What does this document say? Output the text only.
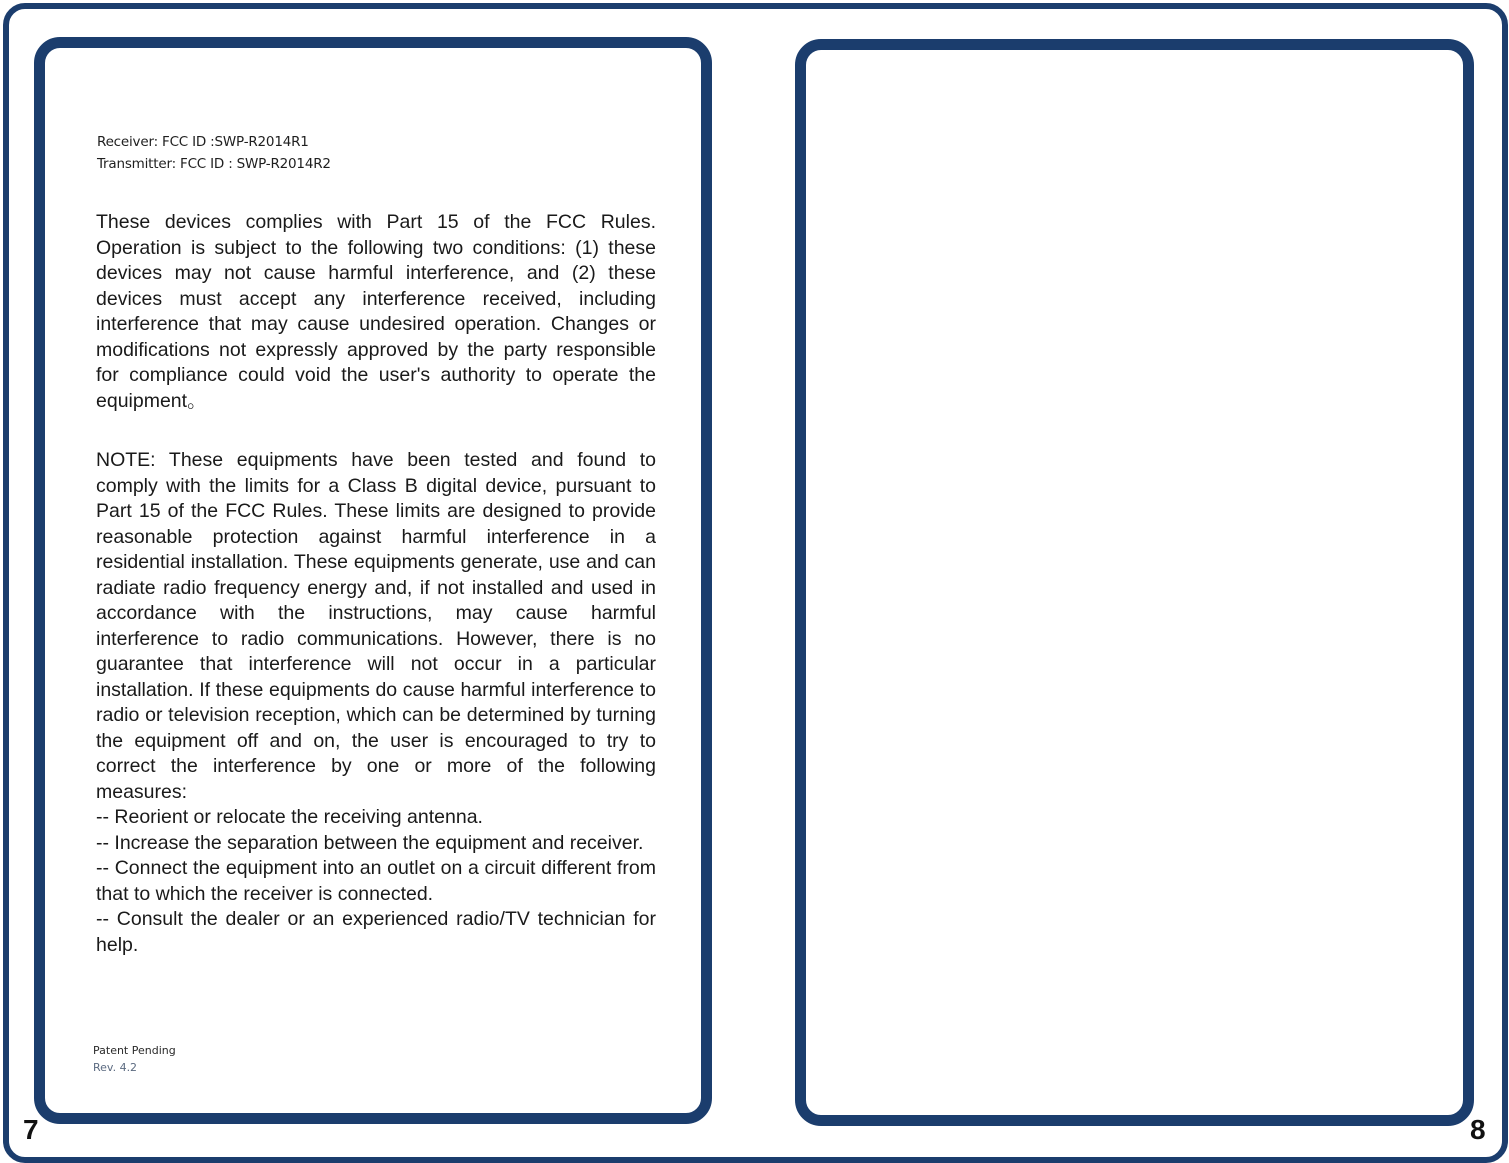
Receiver: FCC ID :SWP-R2014R1
Transmitter: FCC ID : SWP-R2014R2

These devices complies with Part 15 of the FCC Rules. Operation is subject to the following two conditions: (1) these devices may not cause harmful interference, and (2) these devices must accept any interference received, including interference that may cause undesired operation. Changes or modifications not expressly approved by the party responsible for compliance could void the user's authority to operate the equipment。

NOTE: These equipments have been tested and found to comply with the limits for a Class B digital device, pursuant to Part 15 of the FCC Rules. These limits are designed to provide reasonable protection against harmful interference in a residential installation. These equipments generate, use and can radiate radio frequency energy and, if not installed and used in accordance with the instructions, may cause harmful interference to radio communications. However, there is no guarantee that interference will not occur in a particular installation. If these equipments do cause harmful interference to radio or television reception, which can be determined by turning the equipment off and on, the user is encouraged to try to correct the interference by one or more of the following measures:

-- Reorient or relocate the receiving antenna.
-- Increase the separation between the equipment and receiver.
-- Connect the equipment into an outlet on a circuit different from that to which the receiver is connected.
-- Consult the dealer or an experienced radio/TV technician for help.
Patent Pending
Rev. 4.2
7	8
